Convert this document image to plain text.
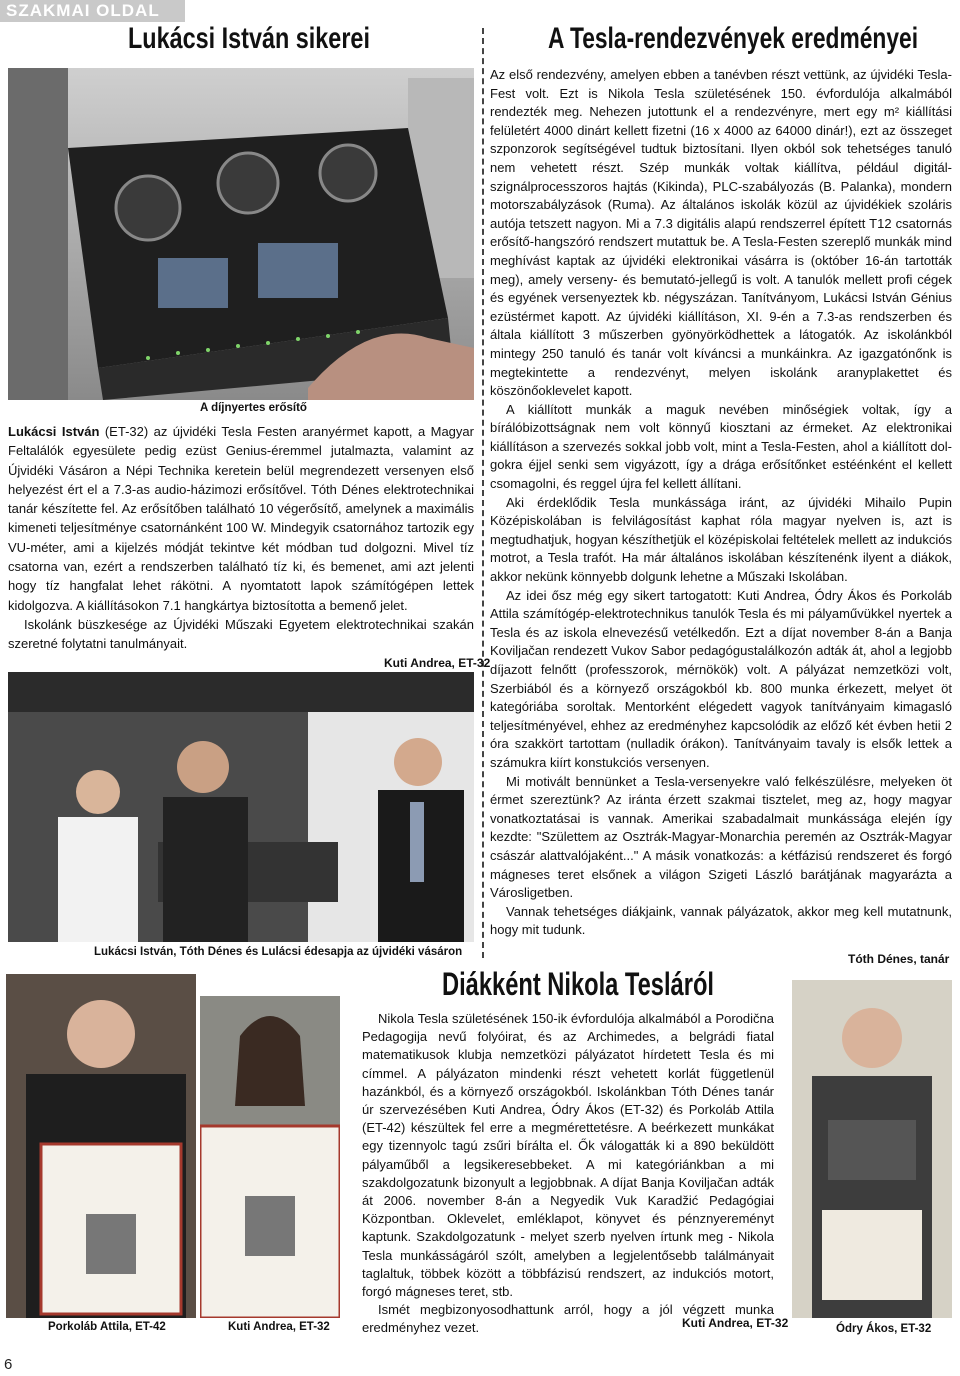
SZAKMAI OLDAL
Lukácsi István sikerei	A Tesla-rendezvények eredményei
A díjnyertes erősítő

Lukácsi István (ET-32) az újvidéki Tesla Festen aranyérmet kapott, a Magyar Feltalálók egyesülete pedig ezüst Genius-éremmel jutalmazta, valamint az Újvidéki Vásáron a Népi Technika keretein belül megrendezett versenyen első helyezést ért el a 7.3-as audio-házimozi erősítővel. Tóth Dénes elektrotechnikai tanár készítette fel. Az erősítőben található 10 végerősítő, amelynek a maximális kimeneti teljesítménye csatornánként 100 W. Mindegyik csatornához tartozik egy VU-méter, ami a kijelzés módját tekintve két módban tud dolgozni. Mivel tíz csatorna van, ezért a rendszerben található tíz ki, és bemenet, ami azt jelenti hogy tíz hangfalat lehet rákötni. A nyomtatott lapok számítógépen lettek kidolgozva. A kiállításokon 7.1 hangkártya biztosította a bemenő jelet.

Iskolánk büszkesége az Újvidéki Műszaki Egyetem elektrotechnikai szakán szeretné folytatni tanulmányait.

Kuti Andrea, ET-32
Lukácsi István, Tóth Dénes és Lulácsi édesapja az újvidéki vásáron
Porkoláb Attila, ET-42	Kuti Andrea, ET-32

Az első rendezvény, amelyen ebben a tanévben részt vettünk, az újvidéki Tesla-Fest volt. Ezt is Nikola Tesla születésének 150. évfordulója alkalmából rendezték meg. Nehezen jutottunk el a rendezvényre, mert egy m² kiállítási felületért 4000 dinárt kellett fizetni (16 x 4000 az 64000 dinár!), ezt az összeget szponzorok segítségével tudtuk biztosítani. Ilyen okból sok tehetséges tanuló nem vehetett részt. Szép munkák voltak kiállítva, például digitál-szignálprocesszoros hajtás (Kikinda), PLC-szabályozás (B. Palanka), mondern motorszabályzások (Ruma). Az általános iskolák közül az újvidékiek szoláris autója tetszett nagyon. Mi a 7.3 digitális alapú rendszerrel épített T12 csatornás erősítő-hangszóró rendszert mutattuk be. A Tesla-Festen szereplő munkák mind meghívást kaptak az újvidéki elektronikai vásárra is (október 16-án tartották meg), amely verseny- és bemutató-jellegű is volt. A tanulók mellett profi cégek és egyének versenyeztek kb. négyszázan. Tanítványom, Lukácsi István Génius ezüstérmet kapott. Az újvidéki kiállításon, XI. 9-én a 7.3-as rendszerben és általa kiállított 3 műszerben gyönyörködhettek a látogatók. Az iskolánkból mintegy 250 tanuló és tanár volt kíváncsi a munkáinkra. Az igazgatónőnk is megtekintette a rendezvényt, melyen iskolánk aranyplakettet és köszönőoklevelet kapott.

A kiállított munkák a maguk nevében minőségiek voltak, így a bírálóbizottságnak nem volt könnyű kiosztani az érmeket. Az elektronikai kiállításon a szervezés sokkal jobb volt, mint a Tesla-Festen, ahol a kiállított dol-gokra éjjel senki sem vigyázott, így a drága erősítőnket estéénként el kellett csomagolni, és reggel újra fel kellett állítani.

Aki érdeklődik Tesla munkássága iránt, az újvidéki Mihailo Pupin Középiskolában is felvilágosítást kaphat róla magyar nyelven is, azt is megtudhatjuk, hogyan készíthetjük el középiskolai feltételek mellett az indukciós motrot, a Tesla trafót. Ha már általános iskolában készítenénk ilyent a diákok, akkor nekünk könnyebb dolgunk lehetne a Műszaki Iskolában.

Az idei ősz még egy sikert tartogatott: Kuti Andrea, Ódry Ákos és Porkoláb Attila számítógép-elektrotechnikus tanulók Tesla és mi pályaművükkel nyertek a Tesla és az iskola elnevezésű vetélkedőn. Ezt a díjat november 8-án a Banja Koviljačan rendezett Vukov Sabor pedagógustalálkozón adták át, ahol a legjobb díjazott felnőtt (professzorok, mérnökök) volt. A pályázat nemzetközi volt, Szerbiából és a környező országokból kb. 800 munka érkezett, melyet öt kategóriába soroltak. Mentorként elégedett vagyok tanítványaim kimagasló teljesítményével, ehhez az eredményhez kapcsolódik az előző két évben hetii 2 óra szakkört tartottam (nulladik órákon). Tanítványaim tavaly is elsők lettek a számukra kiírt konstukciós versenyen.

Mi motivált bennünket a Tesla-versenyekre való felkészülésre, melyeken öt érmet szereztünk? Az iránta érzett szakmai tisztelet, meg az, hogy magyar vonatkoztatásai is vannak. Amerikai szabadalmait munkássága elején így kezdte: "Születtem az Osztrák-Magyar-Monarchia peremén az Osztrák-Magyar császár alattvalójaként..." A másik vonatkozás: a kétfázisú rendszeret és forgó mágneses teret elsőnek a világon Szigeti László barátjának magyarázta a Városligetben.

Vannak tehetséges diákjaink, vannak pályázatok, akkor meg kell mutatnunk, hogy mit tudunk.

Tóth Dénes, tanár
Diákként Nikola Tesláról

Nikola Tesla születésének 150-ik évfordulója alkalmából a Porodična Pedagogija nevű folyóirat, és az Archimedes, a belgrádi fiatal matematikusok klubja nemzetközi pályázatot hírdetett Tesla és mi címmel. A pályázaton mindenki részt vehetett korlát függetlenül hazánkból, és a környező országokból. Iskolánkban Tóth Dénes tanár úr szervezésében Kuti Andrea, Ódry Ákos (ET-32) és Porkoláb Attila (ET-42) készültek fel erre a megmérettetésre. A beérkezett munkákat egy tizennyolc tagú zsűri bírálta el. Ők válogatták ki a 890 beküldött pályaműből a legsikeresebbeket. A mi kategóriánkban a mi szakdolgozatunk bizonyult a legjobbnak. A díjat Banja Koviljačan adták át 2006. november 8-án a Negyedik Vuk Karadžić Pedagógiai Központban. Oklevelet, emléklapot, könyvet és pénznyereményt kaptunk. Szakdolgozatunk - melyet szerb nyelven írtunk meg - Nikola Tesla munkásságáról szólt, amelyben a legjelentősebb találmányait taglaltuk, többek között a többfázisú rendszert, az indukciós motort, forgó mágneses teret, stb.

Ismét megbizonyosodhattunk arról, hogy a jól végzett munka eredményhez vezet.	Kuti Andrea, ET-32	Ódry Ákos, ET-32
6
